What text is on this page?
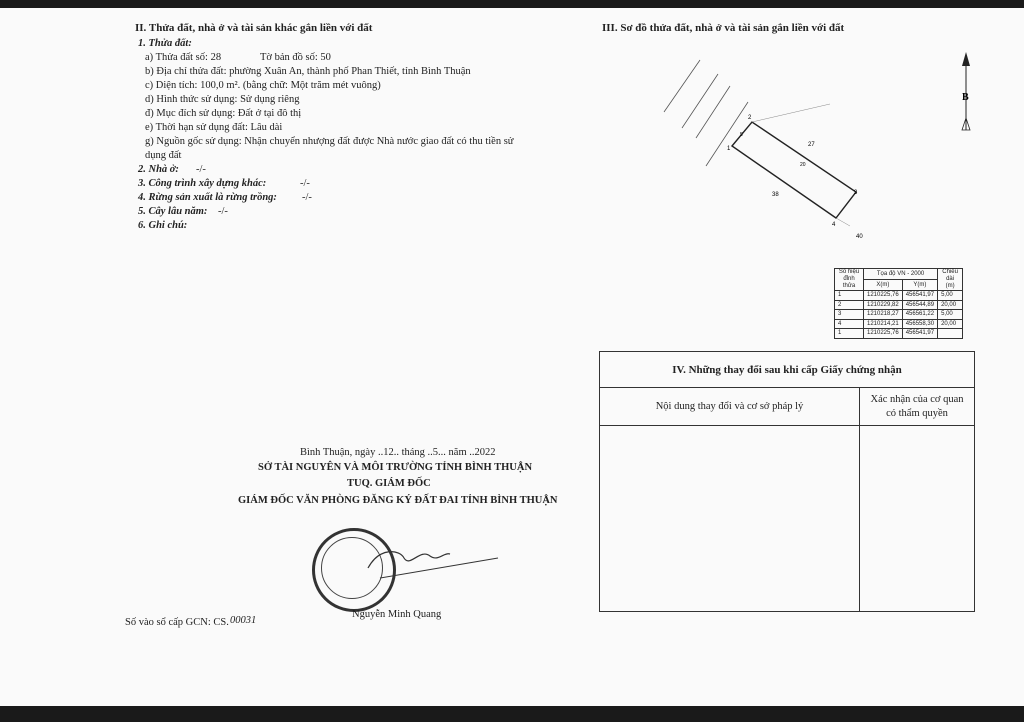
II. Thửa đất, nhà ở và tài sản khác gắn liền với đất
1. Thửa đất:
a) Thửa đất số: 28	Tờ bản đồ số: 50
b) Địa chỉ thửa đất: phường Xuân An, thành phố Phan Thiết, tỉnh Bình Thuận
c) Diện tích: 100,0 m². (bằng chữ: Một trăm mét vuông)
d) Hình thức sử dụng: Sử dụng riêng
đ) Mục đích sử dụng: Đất ở tại đô thị
e) Thời hạn sử dụng đất: Lâu dài
g) Nguồn gốc sử dụng: Nhận chuyển nhượng đất được Nhà nước giao đất có thu tiền sử
dụng đất
2. Nhà ở: -/-
3. Công trình xây dựng khác:	-/-
4. Rừng sản xuất là rừng trồng: -/-
5. Cây lâu năm: -/-
6. Ghi chú:
III. Sơ đồ thửa đất, nhà ở và tài sản gắn liền với đất
B
1
2
3
4
27
38
40
5
20
Số hiệu đỉnh thửa	Tọa độ VN - 2000		Chiều dài (m)
	X(m)	Y(m)	
1	1210225,76	456541,97	5,00
2	1210229,82	456544,89	20,00
3	1210218,27	456561,22	5,00
4	1210214,21	456558,30	20,00
1	1210225,76	456541,97	
IV. Những thay đổi sau khi cấp Giấy chứng nhận
Nội dung thay đổi và cơ sở pháp lý
Xác nhận của cơ quan
có thẩm quyền
Bình Thuận, ngày ..12.. tháng ..5... năm ..2022
SỞ TÀI NGUYÊN VÀ MÔI TRƯỜNG TỈNH BÌNH THUẬN
TUQ. GIÁM ĐỐC
GIÁM ĐỐC VĂN PHÒNG ĐĂNG KÝ ĐẤT ĐAI TỈNH BÌNH THUẬN
Nguyễn Minh Quang
Số vào sổ cấp GCN: CS. 00031
